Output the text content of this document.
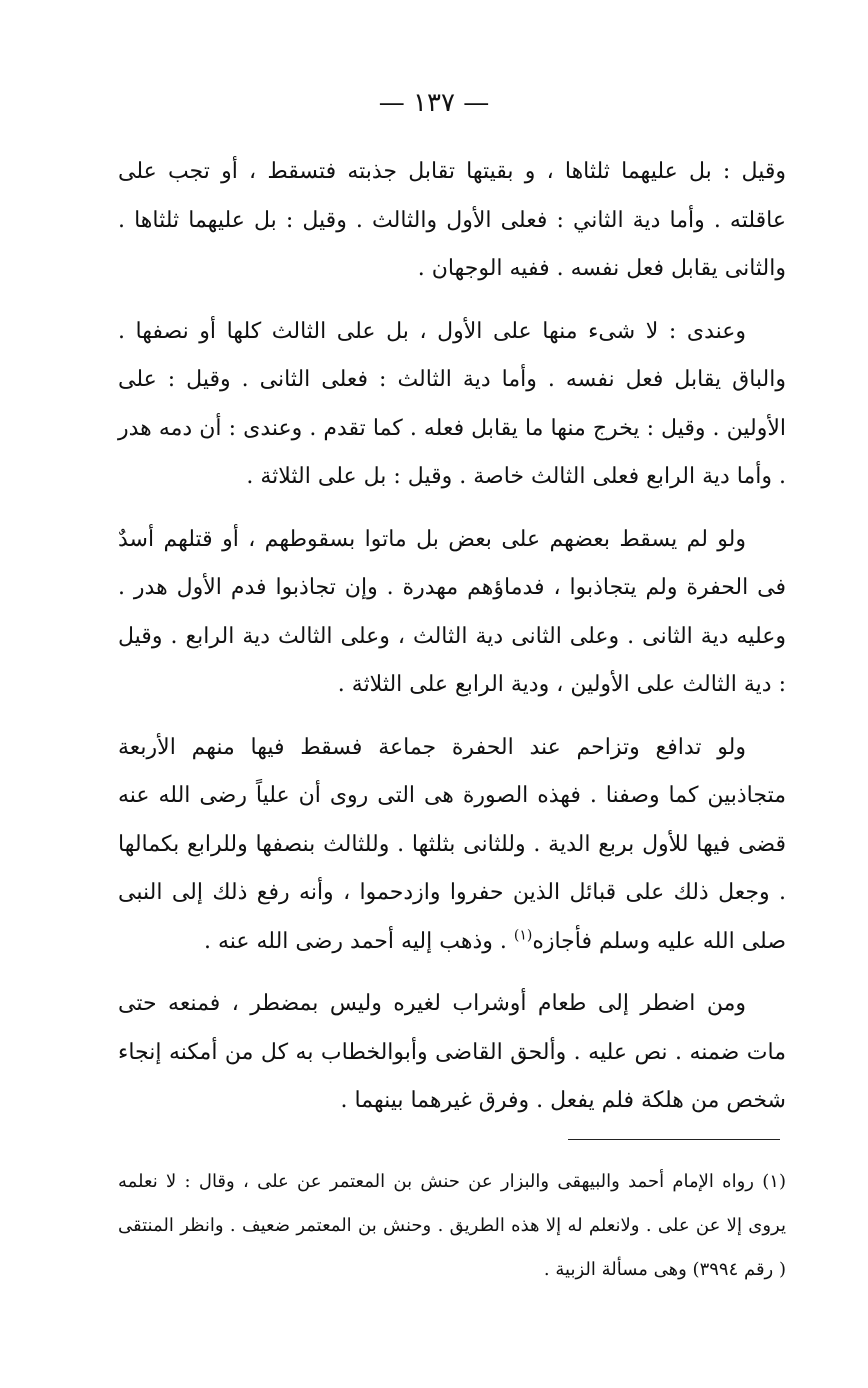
— ١٣٧ —

وقيل : بل عليهما ثلثاها ، و بقيتها تقابل جذبته فتسقط ، أو تجب على عاقلته . وأما دية الثاني : فعلى الأول والثالث . وقيل : بل عليهما ثلثاها . والثانى يقابل فعل نفسه . ففيه الوجهان .

وعندى : لا شىء منها على الأول ، بل على الثالث كلها أو نصفها . والباق يقابل فعل نفسه . وأما دية الثالث : فعلى الثانى . وقيل : على الأولين . وقيل : يخرج منها ما يقابل فعله . كما تقدم . وعندى : أن دمه هدر . وأما دية الرابع فعلى الثالث خاصة . وقيل : بل على الثلاثة .

ولو لم يسقط بعضهم على بعض بل ماتوا بسقوطهم ، أو قتلهم أسدٌ فى الحفرة ولم يتجاذبوا ، فدماؤهم مهدرة . وإن تجاذبوا فدم الأول هدر . وعليه دية الثانى . وعلى الثانى دية الثالث ، وعلى الثالث دية الرابع . وقيل : دية الثالث على الأولين ، ودية الرابع على الثلاثة .

ولو تدافع وتزاحم عند الحفرة جماعة فسقط فيها منهم الأربعة متجاذبين كما وصفنا . فهذه الصورة هى التى روى أن علياً رضى الله عنه قضى فيها للأول بربع الدية . وللثانى بثلثها . وللثالث بنصفها وللرابع بكمالها . وجعل ذلك على قبائل الذين حفروا وازدحموا ، وأنه رفع ذلك إلى النبى صلى الله عليه وسلم فأجازه$^{(١)}$ . وذهب إليه أحمد رضى الله عنه .

ومن اضطر إلى طعام أوشراب لغيره وليس بمضطر ، فمنعه حتى مات ضمنه . نص عليه . وألحق القاضى وأبوالخطاب به كل من أمكنه إنجاء شخص من هلكة فلم يفعل . وفرق غيرهما بينهما .

(١) رواه الإمام أحمد والبيهقى والبزار عن حنش بن المعتمر عن على ، وقال : لا نعلمه يروى إلا عن على . ولانعلم له إلا هذه الطريق . وحنش بن المعتمر ضعيف . وانظر المنتقى ( رقم ٣٩٩٤) وهى مسألة الزبية .
